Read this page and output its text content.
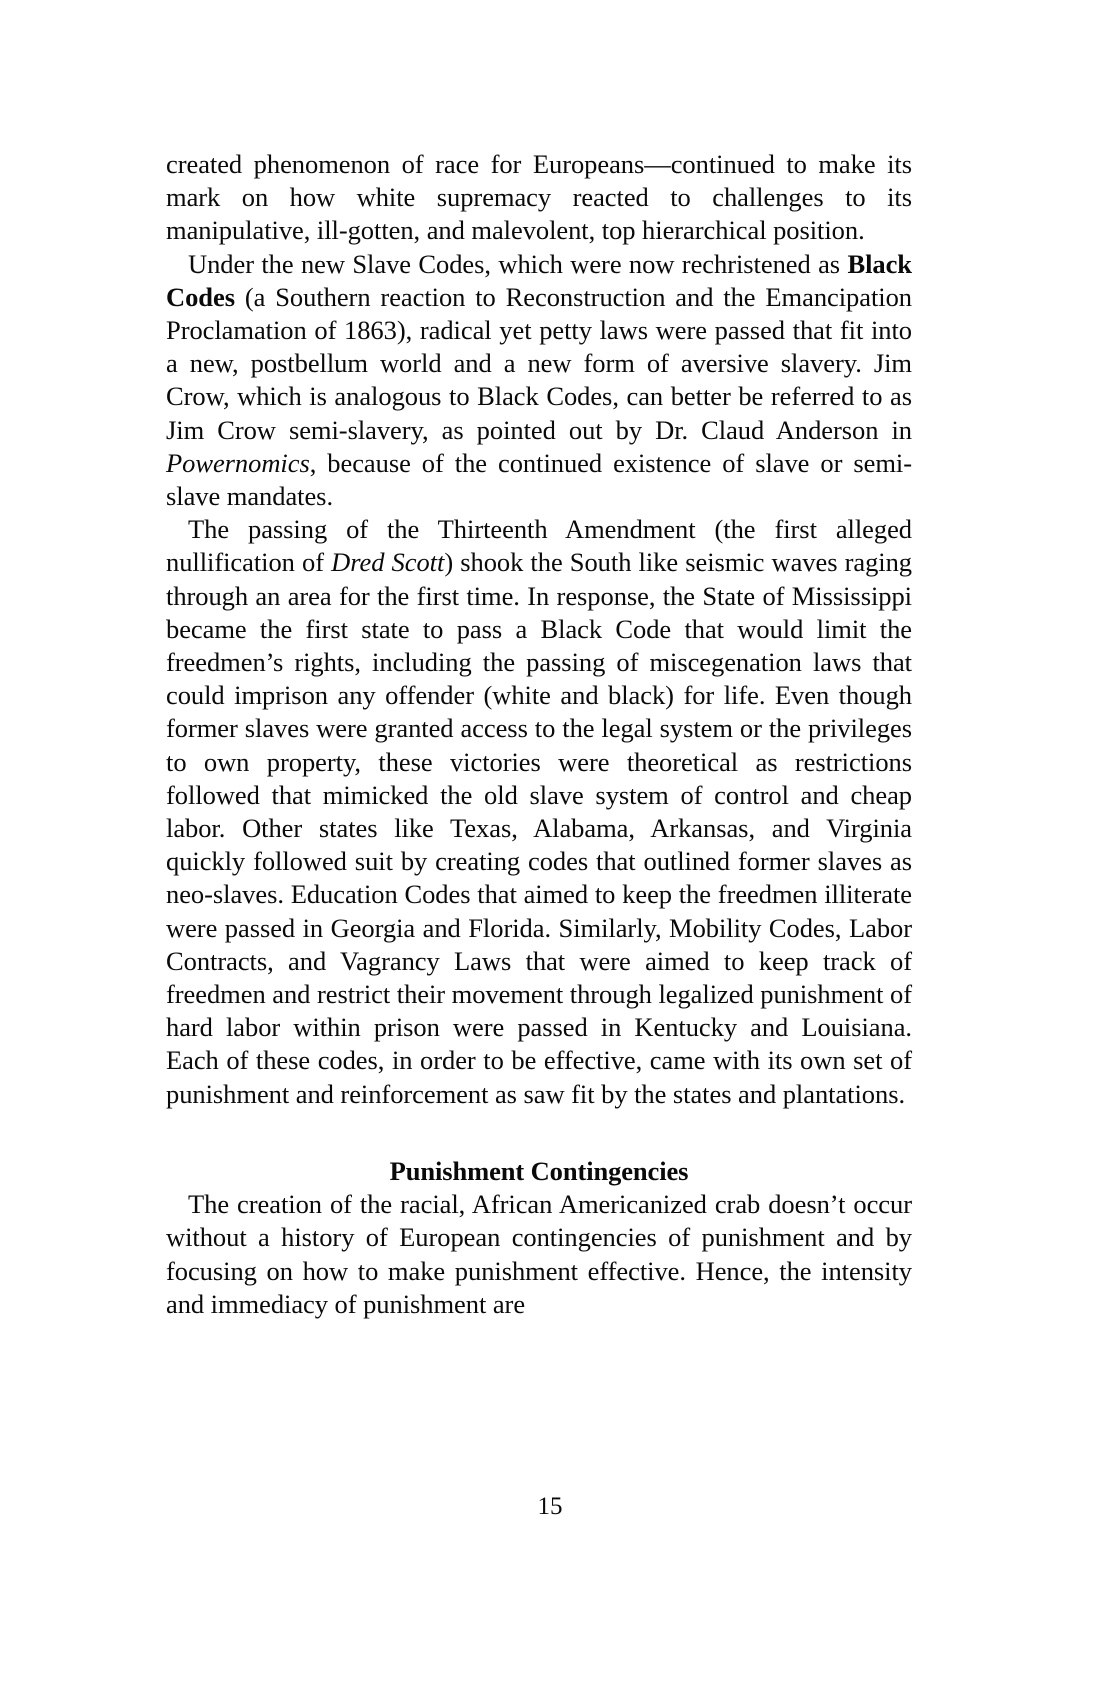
created phenomenon of race for Europeans—continued to make its mark on how white supremacy reacted to challenges to its manipulative, ill-gotten, and malevolent, top hierarchical position.

Under the new Slave Codes, which were now rechristened as Black Codes (a Southern reaction to Reconstruction and the Emancipation Proclamation of 1863), radical yet petty laws were passed that fit into a new, postbellum world and a new form of aversive slavery. Jim Crow, which is analogous to Black Codes, can better be referred to as Jim Crow semi-slavery, as pointed out by Dr. Claud Anderson in Powernomics, because of the continued existence of slave or semi-slave mandates.

The passing of the Thirteenth Amendment (the first alleged nullification of Dred Scott) shook the South like seismic waves raging through an area for the first time. In response, the State of Mississippi became the first state to pass a Black Code that would limit the freedmen’s rights, including the passing of miscegenation laws that could imprison any offender (white and black) for life. Even though former slaves were granted access to the legal system or the privileges to own property, these victories were theoretical as restrictions followed that mimicked the old slave system of control and cheap labor. Other states like Texas, Alabama, Arkansas, and Virginia quickly followed suit by creating codes that outlined former slaves as neo-slaves. Education Codes that aimed to keep the freedmen illiterate were passed in Georgia and Florida. Similarly, Mobility Codes, Labor Contracts, and Vagrancy Laws that were aimed to keep track of freedmen and restrict their movement through legalized punishment of hard labor within prison were passed in Kentucky and Louisiana. Each of these codes, in order to be effective, came with its own set of punishment and reinforcement as saw fit by the states and plantations.

Punishment Contingencies

The creation of the racial, African Americanized crab doesn’t occur without a history of European contingencies of punishment and by focusing on how to make punishment effective. Hence, the intensity and immediacy of punishment are

15
